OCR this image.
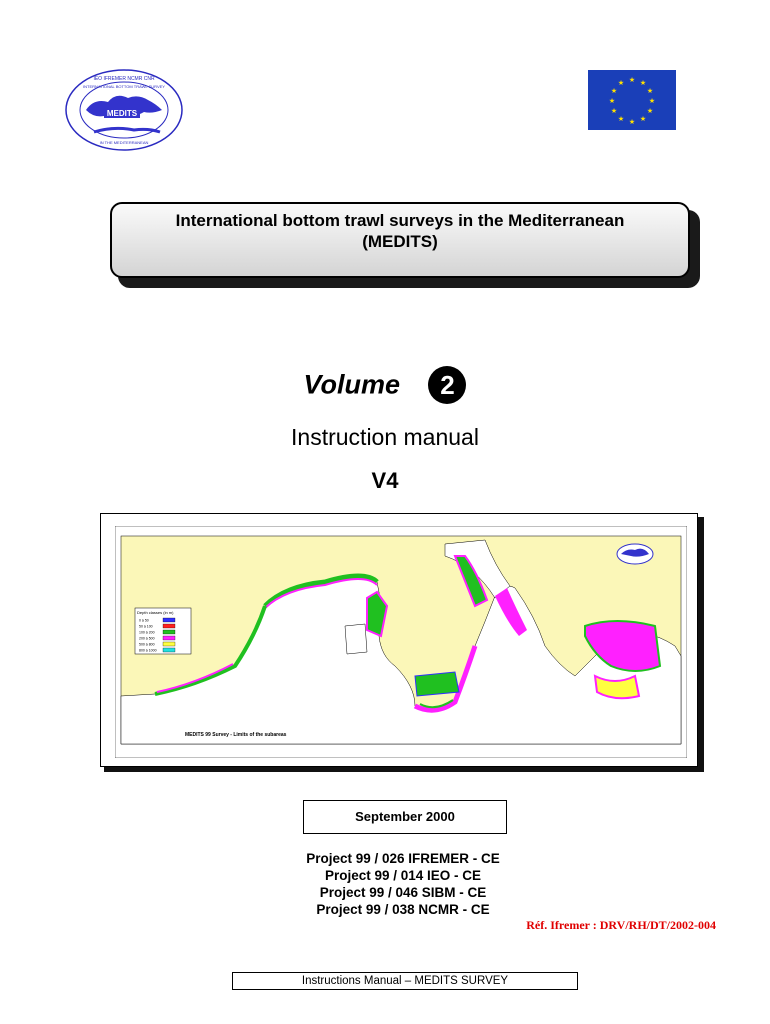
MEDITS
IEO IFREMER NCMR CNR
INTERNATIONAL BOTTOM TRAWL SURVEY
IN THE MEDITERRANEAN
★ ★
★
★
★
★
★
★
★
★
★
★
International bottom trawl surveys in the Mediterranean
(MEDITS)
Volume 2
Instruction manual
V4
Depth classes (in m)
0 à 50
50 à 100
100 à 200
200 à 500
500 à 800
800 à 1000
MEDITS 99 Survey - Limits of the subareas
September 2000
Project 99 / 026 IFREMER - CE
Project 99 / 014 IEO - CE
Project 99 / 046 SIBM - CE
Project 99 / 038 NCMR - CE
Réf. Ifremer : DRV/RH/DT/2002-004
Instructions Manual – MEDITS SURVEY
